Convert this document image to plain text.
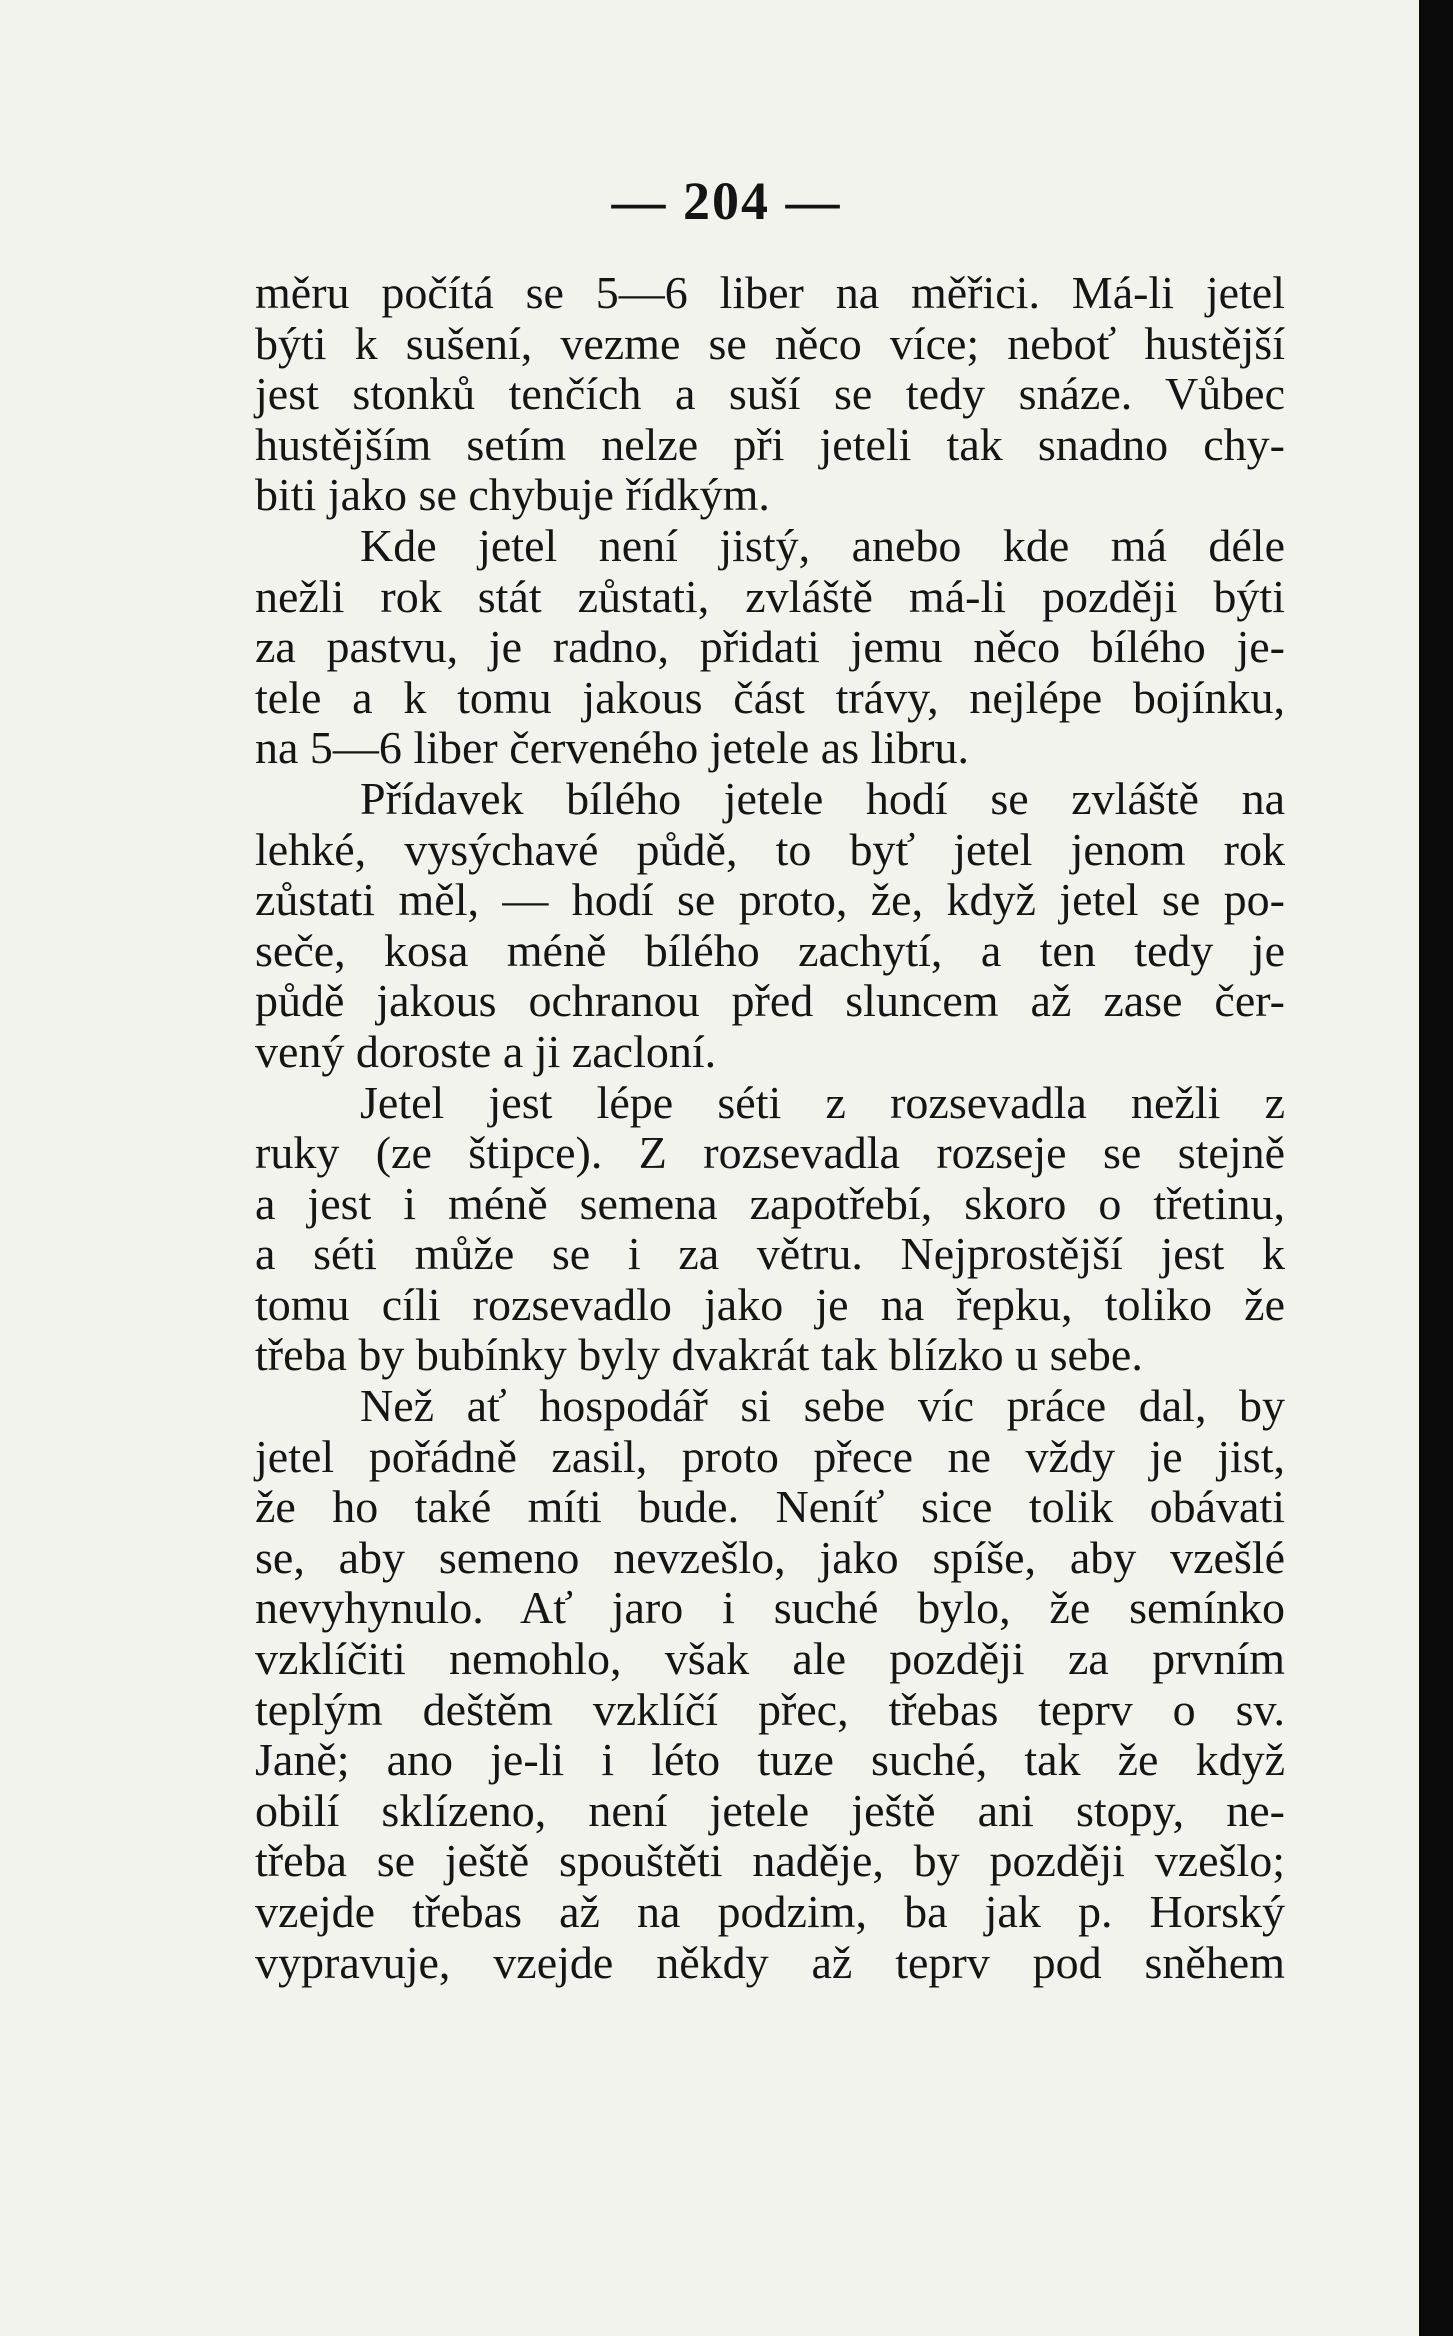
— 204 —
měru počítá se 5—6 liber na měřici. Má-li jetel
býti k sušení, vezme se něco více; neboť hustější
jest stonků tenčích a suší se tedy snáze. Vůbec
hustějším setím nelze při jeteli tak snadno chy-
biti jako se chybuje řídkým.
Kde jetel není jistý, anebo kde má déle
nežli rok stát zůstati, zvláště má-li později býti
za pastvu, je radno, přidati jemu něco bílého je-
tele a k tomu jakous část trávy, nejlépe bojínku,
na 5—6 liber červeného jetele as libru.
Přídavek bílého jetele hodí se zvláště na
lehké, vysýchavé půdě, to byť jetel jenom rok
zůstati měl, — hodí se proto, že, když jetel se po-
seče, kosa méně bílého zachytí, a ten tedy je
půdě jakous ochranou před sluncem až zase čer-
vený doroste a ji zacloní.
Jetel jest lépe séti z rozsevadla nežli z
ruky (ze štipce). Z rozsevadla rozseje se stejně
a jest i méně semena zapotřebí, skoro o třetinu,
a séti může se i za větru. Nejprostější jest k
tomu cíli rozsevadlo jako je na řepku, toliko že
třeba by bubínky byly dvakrát tak blízko u sebe.
Než ať hospodář si sebe víc práce dal, by
jetel pořádně zasil, proto přece ne vždy je jist,
že ho také míti bude. Neníť sice tolik obávati
se, aby semeno nevzešlo, jako spíše, aby vzešlé
nevyhynulo. Ať jaro i suché bylo, že semínko
vzklíčiti nemohlo, však ale později za prvním
teplým deštěm vzklíčí přec, třebas teprv o sv.
Janě; ano je-li i léto tuze suché, tak že když
obilí sklízeno, není jetele ještě ani stopy, ne-
třeba se ještě spouštěti naděje, by později vzešlo;
vzejde třebas až na podzim, ba jak p. Horský
vypravuje, vzejde někdy až teprv pod sněhem
